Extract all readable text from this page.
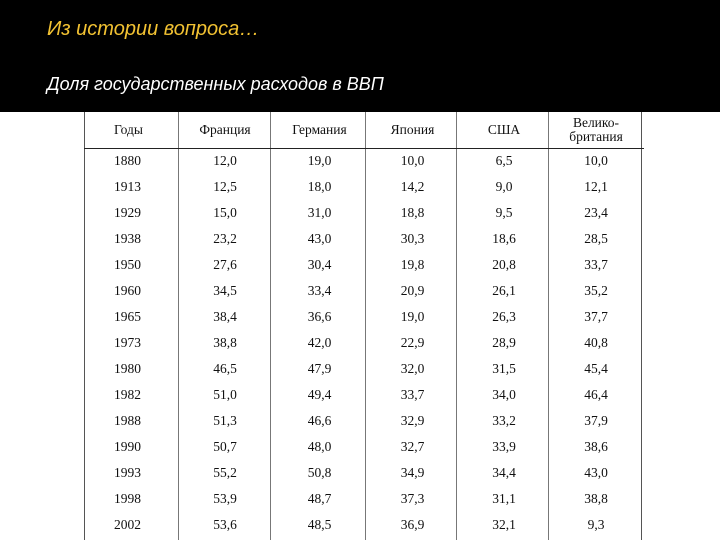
Из истории вопроса…
Доля государственных расходов в ВВП
Годы	Франция	Германия	Япония	США	Велико-
британия
1880	12,0	19,0	10,0	6,5	10,0
1913	12,5	18,0	14,2	9,0	12,1
1929	15,0	31,0	18,8	9,5	23,4
1938	23,2	43,0	30,3	18,6	28,5
1950	27,6	30,4	19,8	20,8	33,7
1960	34,5	33,4	20,9	26,1	35,2
1965	38,4	36,6	19,0	26,3	37,7
1973	38,8	42,0	22,9	28,9	40,8
1980	46,5	47,9	32,0	31,5	45,4
1982	51,0	49,4	33,7	34,0	46,4
1988	51,3	46,6	32,9	33,2	37,9
1990	50,7	48,0	32,7	33,9	38,6
1993	55,2	50,8	34,9	34,4	43,0
1998	53,9	48,7	37,3	31,1	38,8
2002	53,6	48,5	36,9	32,1	9,3
